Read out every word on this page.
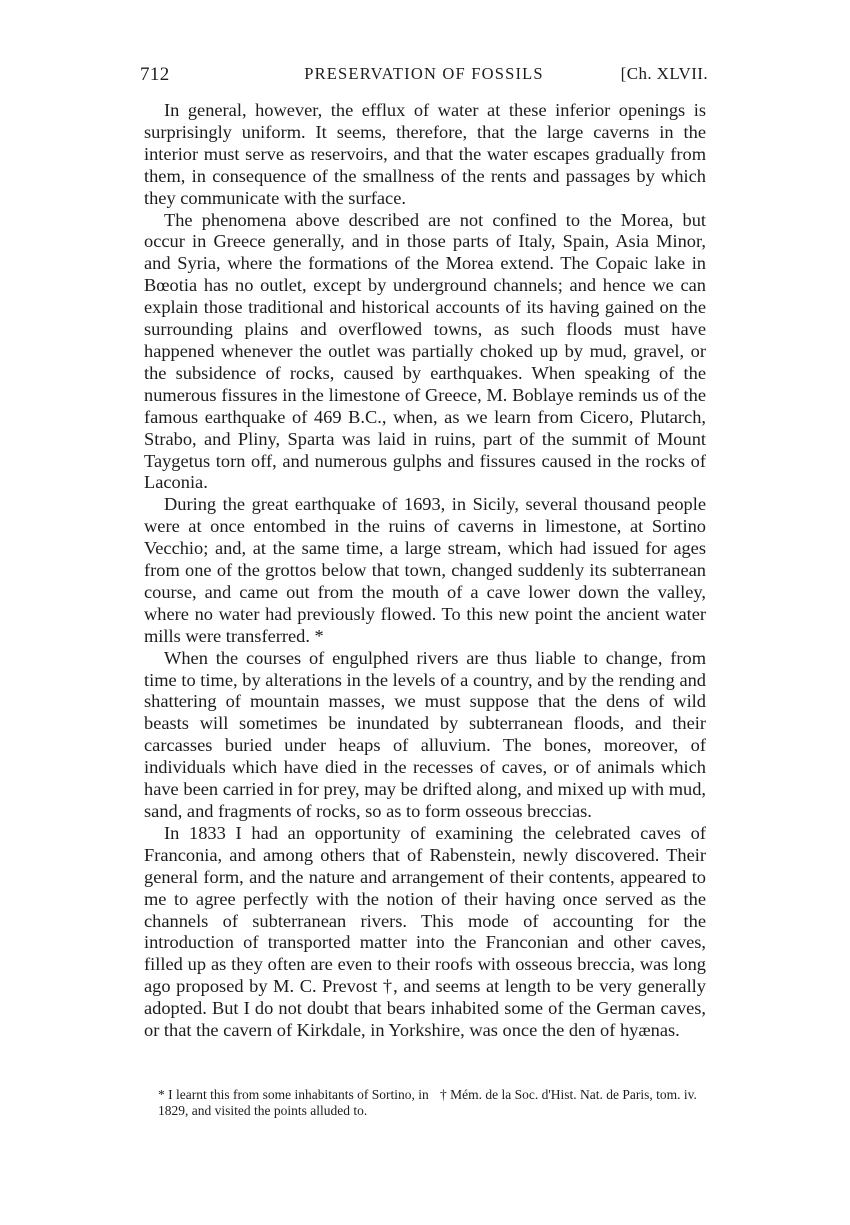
712	PRESERVATION OF FOSSILS	[Ch. XLVII.

In general, however, the efflux of water at these inferior openings is surprisingly uniform. It seems, therefore, that the large caverns in the interior must serve as reservoirs, and that the water escapes gradually from them, in consequence of the smallness of the rents and passages by which they communicate with the surface.

The phenomena above described are not confined to the Morea, but occur in Greece generally, and in those parts of Italy, Spain, Asia Minor, and Syria, where the formations of the Morea extend. The Copaic lake in Bœotia has no outlet, except by underground channels; and hence we can explain those traditional and historical accounts of its having gained on the surrounding plains and overflowed towns, as such floods must have happened whenever the outlet was partially choked up by mud, gravel, or the subsidence of rocks, caused by earthquakes. When speaking of the numerous fissures in the limestone of Greece, M. Boblaye reminds us of the famous earthquake of 469 B.C., when, as we learn from Cicero, Plutarch, Strabo, and Pliny, Sparta was laid in ruins, part of the summit of Mount Taygetus torn off, and numerous gulphs and fissures caused in the rocks of Laconia.

During the great earthquake of 1693, in Sicily, several thousand people were at once entombed in the ruins of caverns in limestone, at Sortino Vecchio; and, at the same time, a large stream, which had issued for ages from one of the grottos below that town, changed suddenly its subterranean course, and came out from the mouth of a cave lower down the valley, where no water had previously flowed. To this new point the ancient water mills were transferred. *

When the courses of engulphed rivers are thus liable to change, from time to time, by alterations in the levels of a country, and by the rending and shattering of mountain masses, we must suppose that the dens of wild beasts will sometimes be inundated by subterranean floods, and their carcasses buried under heaps of alluvium. The bones, moreover, of individuals which have died in the recesses of caves, or of animals which have been carried in for prey, may be drifted along, and mixed up with mud, sand, and fragments of rocks, so as to form osseous breccias.

In 1833 I had an opportunity of examining the celebrated caves of Franconia, and among others that of Rabenstein, newly discovered. Their general form, and the nature and arrangement of their contents, appeared to me to agree perfectly with the notion of their having once served as the channels of subterranean rivers. This mode of accounting for the introduction of transported matter into the Franconian and other caves, filled up as they often are even to their roofs with osseous breccia, was long ago proposed by M. C. Prevost †, and seems at length to be very generally adopted. But I do not doubt that bears inhabited some of the German caves, or that the cavern of Kirkdale, in Yorkshire, was once the den of hyænas.

* I learnt this from some inhabitants of Sortino, in 1829, and visited the points alluded to.
† Mém. de la Soc. d'Hist. Nat. de Paris, tom. iv.
